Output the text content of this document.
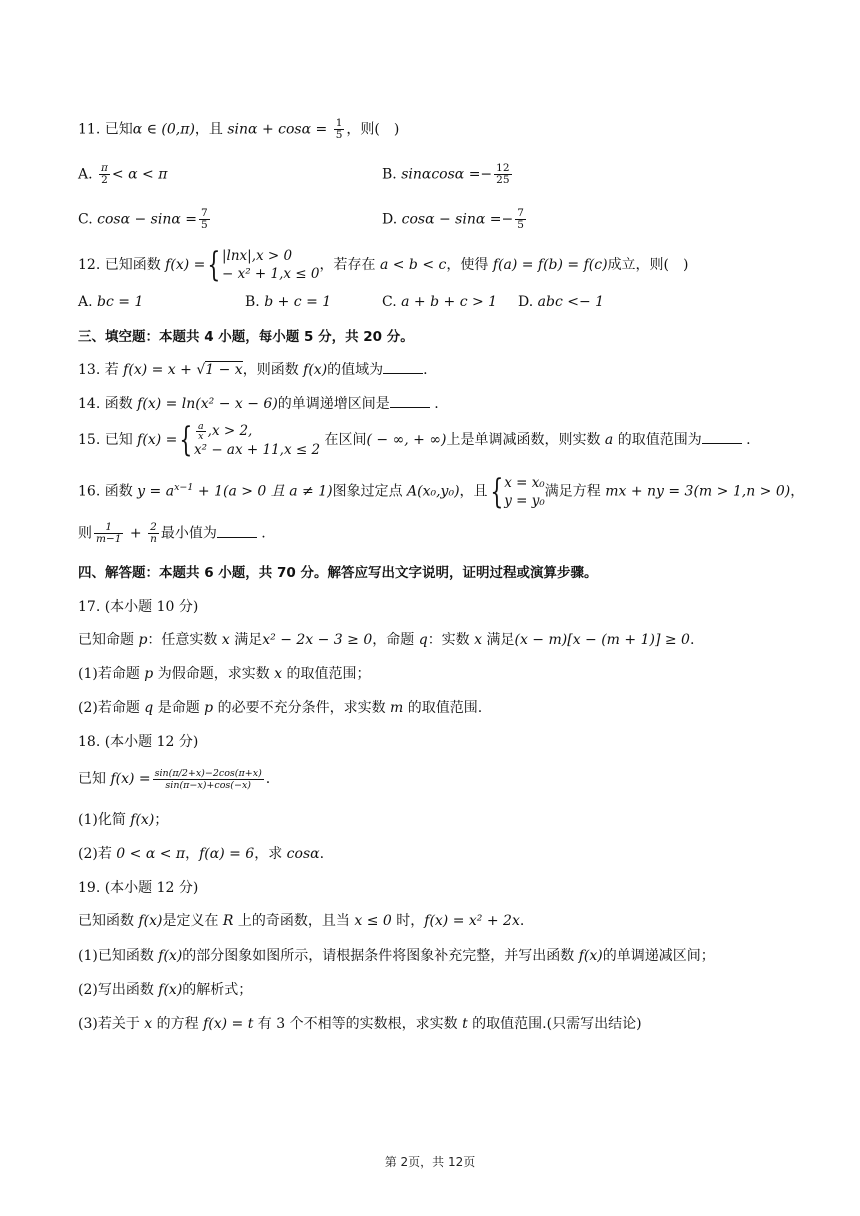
11. 已知α ∈ (0,π)，且 $\sin\alpha + \cos\alpha = \frac{1}{5}$ ，则(　)
A. $\frac{\pi}{2} < \alpha < \pi$	B. $\sin\alpha\cos\alpha =- \frac{12}{25}$
C. $\cos\alpha - \sin\alpha = \frac{7}{5}$	D. $\cos\alpha - \sin\alpha =- \frac{7}{5}$
12. 已知函数 f(x) ={ |lnx|,x > 0
− x² + 1,x ≤ 0
，若存在 a < b < c，使得 f(a) = f(b) = f(c)成立，则(　)
A. bc = 1	B. b + c = 1	C. a + b + c > 1 D. abc <− 1
三、填空题：本题共 4 小题，每小题 5 分，共 20 分。
13. 若 f(x) = x + √1 − x，则函数 f(x)的值域为	.
14. 函数 f(x) = ln(x² − x − 6)的单调递增区间是	.
15. 已知 f(x) ={ $\frac{a}{x} ,x > 2$,
x² − ax + 11,x ≤ 2
在区间( − ∞, + ∞)上是单调减函数，则实数 a 的取值范围为	.
16. 函数 $y = a^{x-1} + 1(a > 0$ 且 a ≠ 1)图象过定点 A(x₀,y₀)，且{ x = x₀
y = y₀
满足方程 mx + ny = 3(m > 1,n > 0)，
则 $\frac{1}{m-1} + \frac{2}{n}$ 最小值为	.
四、解答题：本题共 6 小题，共 70 分。解答应写出文字说明，证明过程或演算步骤。
17. (本小题 10 分)
已知命题 p：任意实数 x 满足x² − 2x − 3 ≥ 0，命题 q：实数 x 满足(x − m)[x − (m + 1)] ≥ 0.
(1)若命题 p 为假命题，求实数 x 的取值范围；
(2)若命题 q 是命题 p 的必要不充分条件，求实数 m 的取值范围.
18. (本小题 12 分)
已知 $f(x) = \frac{\sin(\pi/2+x)-2\cos(\pi+x)}{\sin(\pi-x)+\cos(-x)}$ .
(1)化简 f(x)；
(2)若 0 < α < π，f(α) = 6，求 cosα.
19. (本小题 12 分)
已知函数 f(x)是定义在 R 上的奇函数，且当 x ≤ 0 时，f(x) = x² + 2x.
(1)已知函数 f(x)的部分图象如图所示，请根据条件将图象补充完整，并写出函数 f(x)的单调递减区间；
(2)写出函数 f(x)的解析式；
(3)若关于 x 的方程 f(x) = t 有 3 个不相等的实数根，求实数 t 的取值范围.(只需写出结论)
第 2页，共 12页
